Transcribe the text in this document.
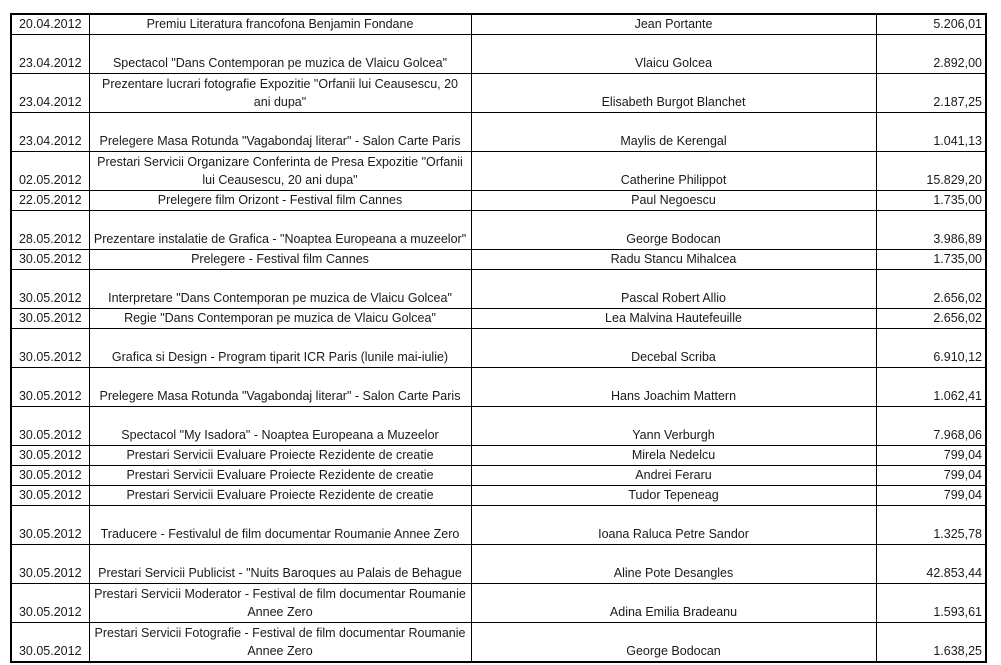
20.04.2012	Premiu Literatura francofona Benjamin Fondane	Jean Portante	5.206,01
23.04.2012	Spectacol "Dans Contemporan pe muzica de Vlaicu Golcea"	Vlaicu Golcea	2.892,00
23.04.2012	Prezentare lucrari fotografie Expozitie "Orfanii lui Ceausescu, 20 ani dupa"	Elisabeth Burgot Blanchet	2.187,25
23.04.2012	Prelegere Masa Rotunda "Vagabondaj literar" - Salon Carte Paris	Maylis de Kerengal	1.041,13
02.05.2012	Prestari Servicii Organizare Conferinta de Presa Expozitie "Orfanii lui Ceausescu, 20 ani dupa"	Catherine Philippot	15.829,20
22.05.2012	Prelegere film Orizont - Festival film Cannes	Paul Negoescu	1.735,00
28.05.2012	Prezentare instalatie de Grafica - "Noaptea Europeana a muzeelor"	George Bodocan	3.986,89
30.05.2012	Prelegere - Festival film Cannes	Radu Stancu Mihalcea	1.735,00
30.05.2012	Interpretare "Dans Contemporan pe muzica de Vlaicu Golcea"	Pascal Robert Allio	2.656,02
30.05.2012	Regie "Dans Contemporan pe muzica de Vlaicu Golcea"	Lea Malvina Hautefeuille	2.656,02
30.05.2012	Grafica si Design - Program tiparit ICR Paris (lunile mai-iulie)	Decebal Scriba	6.910,12
30.05.2012	Prelegere Masa Rotunda "Vagabondaj literar" - Salon Carte Paris	Hans Joachim Mattern	1.062,41
30.05.2012	Spectacol "My Isadora" - Noaptea Europeana a Muzeelor	Yann Verburgh	7.968,06
30.05.2012	Prestari Servicii Evaluare Proiecte Rezidente de creatie	Mirela Nedelcu	799,04
30.05.2012	Prestari Servicii Evaluare Proiecte Rezidente de creatie	Andrei Feraru	799,04
30.05.2012	Prestari Servicii Evaluare Proiecte Rezidente de creatie	Tudor Tepeneag	799,04
30.05.2012	Traducere - Festivalul de film documentar Roumanie Annee Zero	Ioana Raluca Petre Sandor	1.325,78
30.05.2012	Prestari Servicii Publicist - "Nuits Baroques au Palais de Behague	Aline Pote Desangles	42.853,44
30.05.2012	Prestari Servicii Moderator - Festival de film documentar Roumanie Annee Zero	Adina Emilia Bradeanu	1.593,61
30.05.2012	Prestari Servicii Fotografie - Festival de film documentar Roumanie Annee Zero	George Bodocan	1.638,25
